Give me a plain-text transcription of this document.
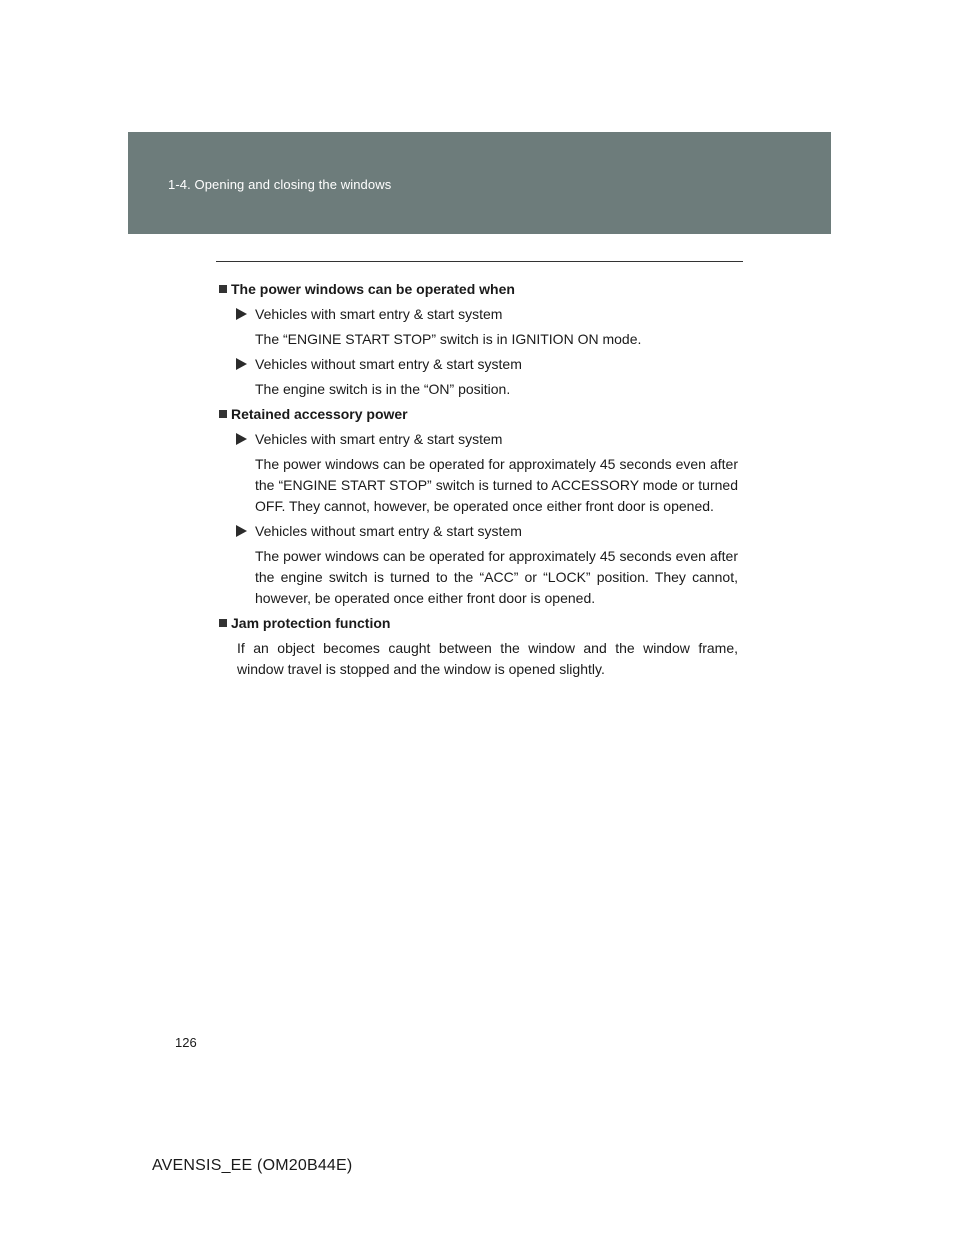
1-4. Opening and closing the windows
The power windows can be operated when
Vehicles with smart entry & start system
The “ENGINE START STOP” switch is in IGNITION ON mode.
Vehicles without smart entry & start system
The engine switch is in the “ON” position.
Retained accessory power
Vehicles with smart entry & start system
The power windows can be operated for approximately 45 seconds even after the “ENGINE START STOP” switch is turned to ACCESSORY mode or turned OFF. They cannot, however, be operated once either front door is opened.
Vehicles without smart entry & start system
The power windows can be operated for approximately 45 seconds even after the engine switch is turned to the “ACC” or “LOCK” position. They cannot, however, be operated once either front door is opened.
Jam protection function
If an object becomes caught between the window and the window frame, window travel is stopped and the window is opened slightly.
126
AVENSIS_EE (OM20B44E)
